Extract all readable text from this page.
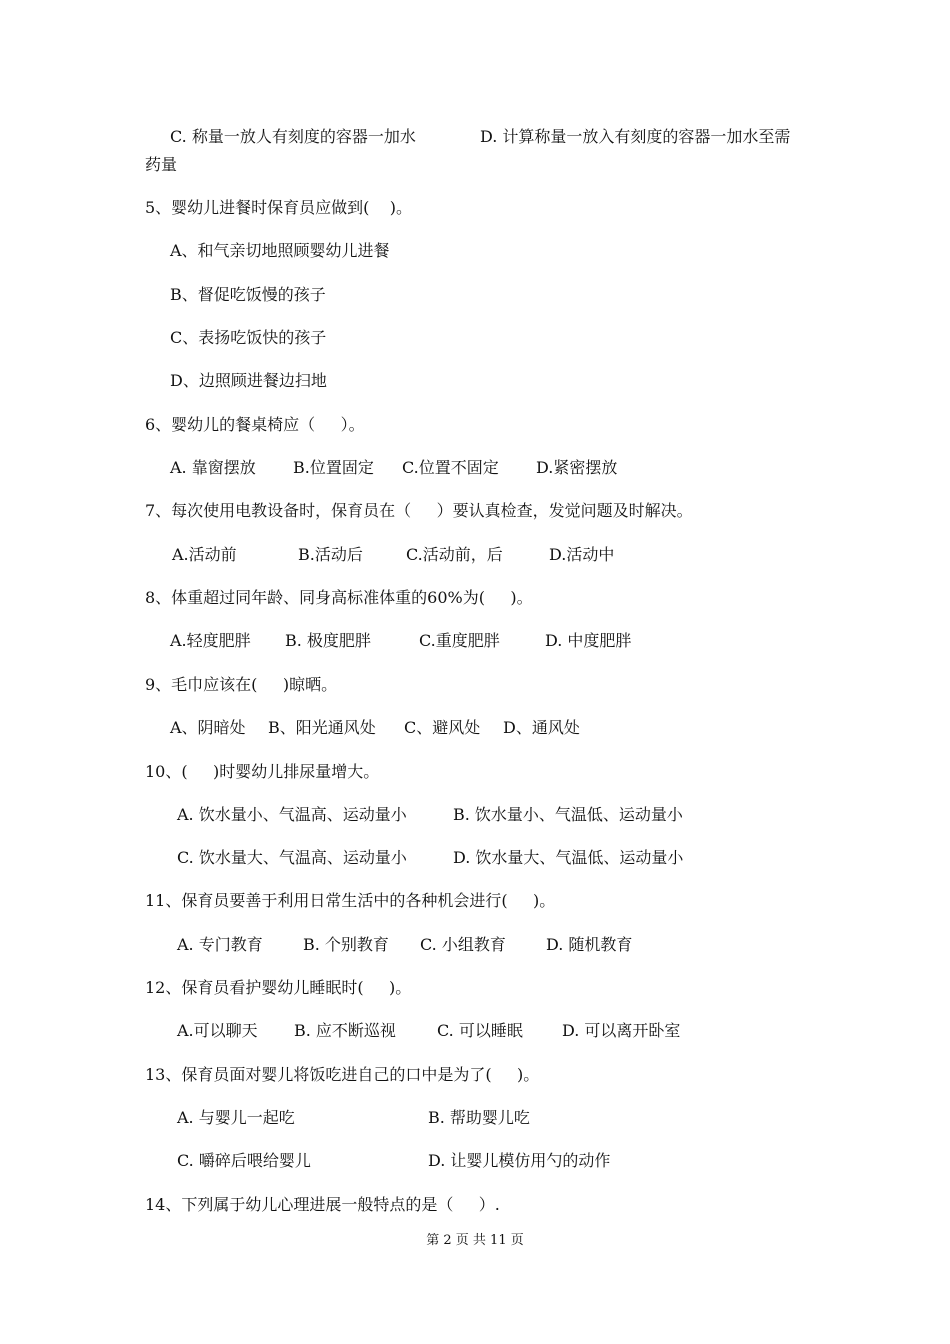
C. 称量一放人有刻度的容器一加水	D. 计算称量一放入有刻度的容器一加水至需
药量
5、婴幼儿进餐时保育员应做到(    )。
A、和气亲切地照顾婴幼儿进餐
B、督促吃饭慢的孩子
C、表扬吃饭快的孩子
D、边照顾进餐边扫地
6、婴幼儿的餐桌椅应（     ）。
A. 靠窗摆放 B.位置固定 C.位置不固定 D.紧密摆放
7、每次使用电教设备时，保育员在（     ）要认真检查，发觉问题及时解决。
A.活动前	B.活动后	C.活动前，后	D.活动中
8、体重超过同年龄、同身高标准体重的60%为(     )。
A.轻度肥胖 B. 极度肥胖	C.重度肥胖	D. 中度肥胖
9、毛巾应该在(     )晾晒。
A、阴暗处 B、阳光通风处 C、避风处 D、通风处
10、(     )时婴幼儿排尿量增大。
A. 饮水量小、气温高、运动量小	B. 饮水量小、气温低、运动量小
C. 饮水量大、气温高、运动量小	D. 饮水量大、气温低、运动量小
11、保育员要善于利用日常生活中的各种机会进行(     )。
A. 专门教育	B. 个别教育 C. 小组教育	D. 随机教育
12、保育员看护婴幼儿睡眠时(     )。
A.可以聊天 B. 应不断巡视	C. 可以睡眠 D. 可以离开卧室
13、保育员面对婴儿将饭吃进自己的口中是为了(     )。
A. 与婴儿一起吃	B. 帮助婴儿吃
C. 嚼碎后喂给婴儿	D. 让婴儿模仿用勺的动作
14、下列属于幼儿心理进展一般特点的是（     ）.
第 2 页 共 11 页
